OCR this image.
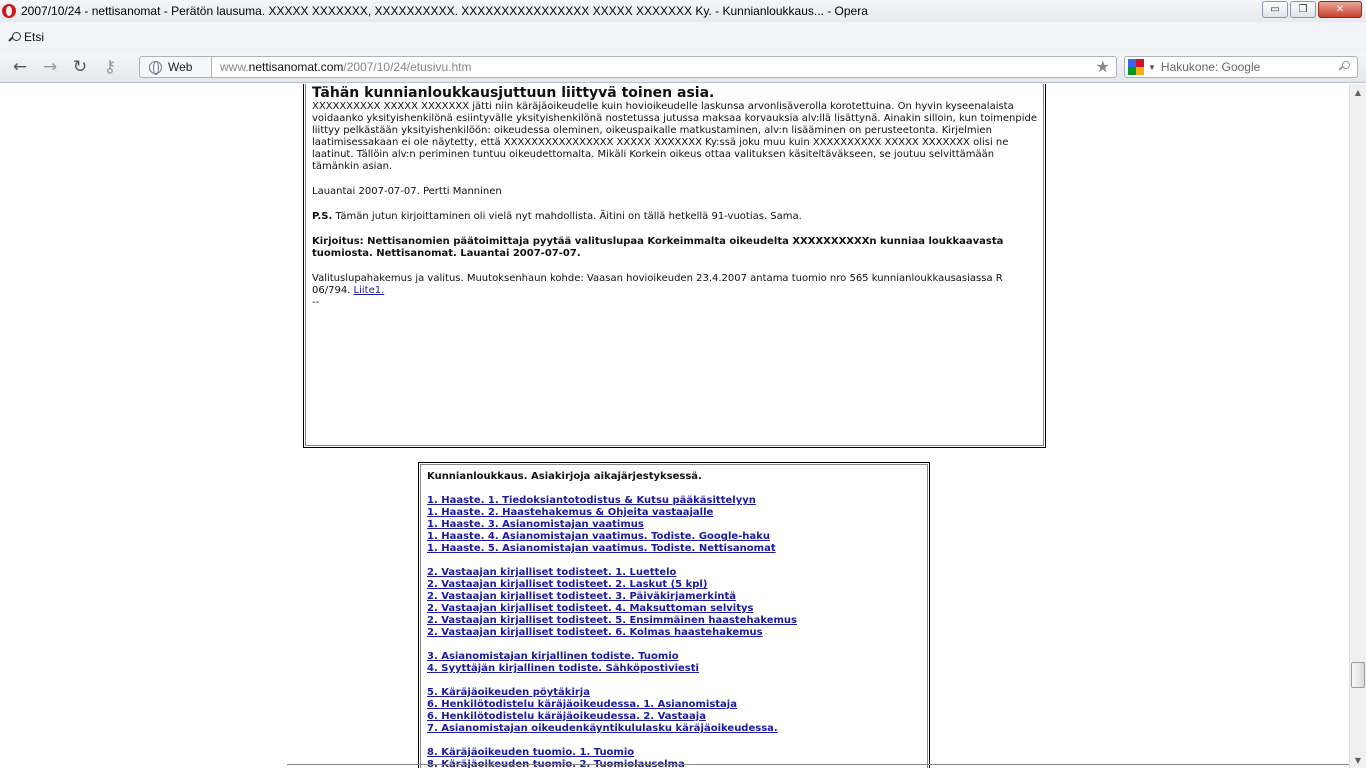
2007/10/24 - nettisanomat - Perätön lausuma. XXXXX XXXXXXX, XXXXXXXXXX. XXXXXXXXXXXXXXXX XXXXX XXXXXXX Ky. - Kunnianloukkaus... - Opera	▭	❐	✕
Etsi
← → ↻ ⚷	Web www. nettisanomat.com /2007/10/24/etusivu.htm	★	▼ Hakukone: Google
Tähän kunnianloukkausjuttuun liittyvä toinen asia.

XXXXXXXXXX XXXXX XXXXXXX jätti niin käräjäoikeudelle kuin hovioikeudelle laskunsa arvonlisäverolla korotettuina. On hyvin kyseenalaista voidaanko yksityishenkilönä esiintyvälle yksityishenkilönä nostetussa jutussa maksaa korvauksia alv:llä lisättynä. Ainakin silloin, kun toimenpide liittyy pelkästään yksityishenkilöön: oikeudessa oleminen, oikeuspaikalle matkustaminen, alv:n lisääminen on perusteetonta. Kirjelmien laatimisessakaan ei ole näytetty, että XXXXXXXXXXXXXXXX XXXXX XXXXXXX Ky:ssä joku muu kuin XXXXXXXXXX XXXXX XXXXXXX olisi ne laatinut. Tällöin alv:n periminen tuntuu oikeudettomalta. Mikäli Korkein oikeus ottaa valituksen käsiteltäväkseen, se joutuu selvittämään tämänkin asian.

Lauantai 2007-07-07. Pertti Manninen

P.S. Tämän jutun kirjoittaminen oli vielä nyt mahdollista. Äitini on tällä hetkellä 91-vuotias. Sama.

Kirjoitus: Nettisanomien päätoimittaja pyytää valituslupaa Korkeimmalta oikeudelta XXXXXXXXXXn kunniaa loukkaavasta tuomiosta. Nettisanomat. Lauantai 2007-07-07.

Valituslupahakemus ja valitus. Muutoksenhaun kohde: Vaasan hovioikeuden 23.4.2007 antama tuomio nro 565 kunnianloukkausasiassa R 06/794. Liite1.

--

Kunnianloukkaus. Asiakirjoja aikajärjestyksessä.
1. Haaste. 1. Tiedoksiantotodistus & Kutsu pääkäsittelyyn
1. Haaste. 2. Haastehakemus & Ohjeita vastaajalle
1. Haaste. 3. Asianomistajan vaatimus
1. Haaste. 4. Asianomistajan vaatimus. Todiste. Google-haku
1. Haaste. 5. Asianomistajan vaatimus. Todiste. Nettisanomat
2. Vastaajan kirjalliset todisteet. 1. Luettelo
2. Vastaajan kirjalliset todisteet. 2. Laskut (5 kpl)
2. Vastaajan kirjalliset todisteet. 3. Päiväkirjamerkintä
2. Vastaajan kirjalliset todisteet. 4. Maksuttoman selvitys
2. Vastaajan kirjalliset todisteet. 5. Ensimmäinen haastehakemus
2. Vastaajan kirjalliset todisteet. 6. Kolmas haastehakemus
3. Asianomistajan kirjallinen todiste. Tuomio
4. Syyttäjän kirjallinen todiste. Sähköpostiviesti
5. Käräjäoikeuden pöytäkirja
6. Henkilötodistelu käräjäoikeudessa. 1. Asianomistaja
6. Henkilötodistelu käräjäoikeudessa. 2. Vastaaja
7. Asianomistajan oikeudenkäyntikululasku käräjäoikeudessa.
8. Käräjäoikeuden tuomio. 1. Tuomio
8. Käräjäoikeuden tuomio. 2. Tuomiolauselma
▲
▼
